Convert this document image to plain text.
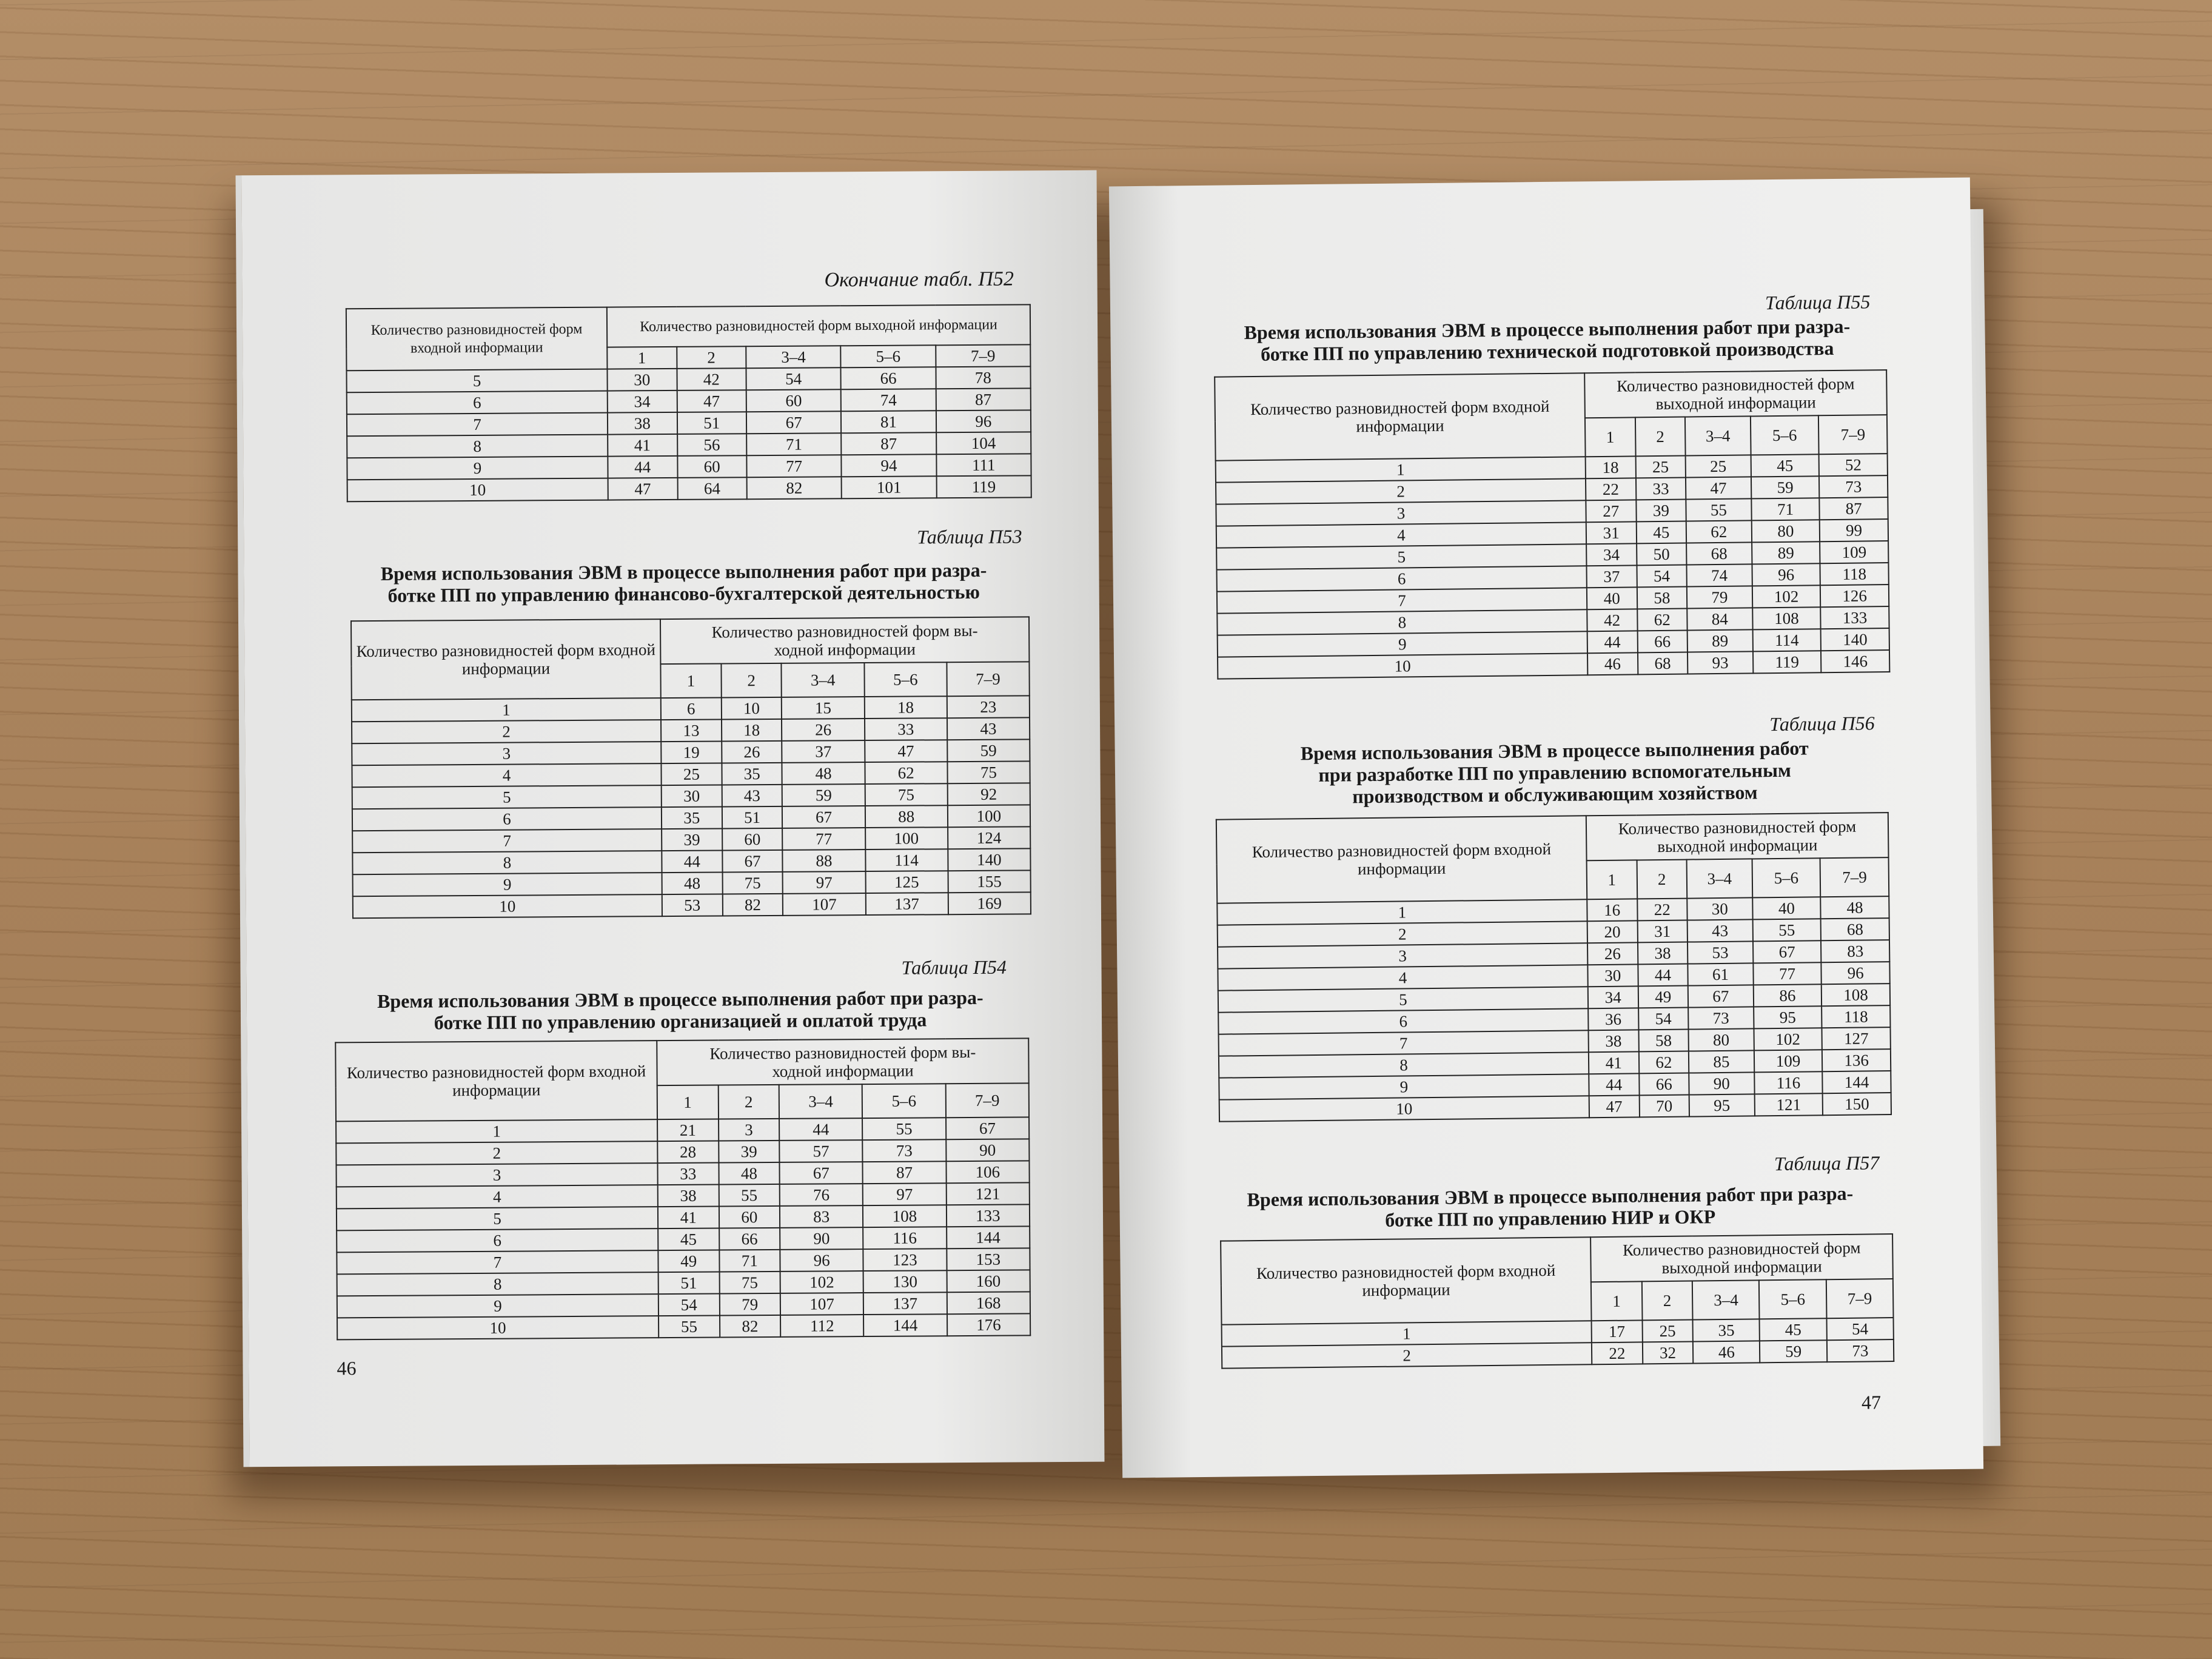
Окончание табл. П52
Количество разновидностей форм входной информации	Количество разновидностей форм выходной информации				
	1	2	3–4	5–6	7–9
5	30	42	54	66	78
6	34	47	60	74	87
7	38	51	67	81	96
8	41	56	71	87	104
9	44	60	77	94	111
10	47	64	82	101	119
Таблица П53
Время использования ЭВМ в процессе выполнения работ при разра-
ботке ПП по управлению финансово-бухгалтерской деятельностью
Количество разновидностей форм входной информации	Количество разновидностей форм вы-
ходной информации				

	1	2	3–4	5–6	7–9
1	6	10	15	18	23
2	13	18	26	33	43
3	19	26	37	47	59
4	25	35	48	62	75
5	30	43	59	75	92
6	35	51	67	88	100
7	39	60	77	100	124
8	44	67	88	114	140
9	48	75	97	125	155
10	53	82	107	137	169
Таблица П54
Время использования ЭВМ в процессе выполнения работ при разра-
ботке ПП по управлению организацией и оплатой труда
Количество разновидностей форм входной информации	Количество разновидностей форм вы-
ходной информации				

	1	2	3–4	5–6	7–9
1	21	3	44	55	67
2	28	39	57	73	90
3	33	48	67	87	106
4	38	55	76	97	121
5	41	60	83	108	133
6	45	66	90	116	144
7	49	71	96	123	153
8	51	75	102	130	160
9	54	79	107	137	168
10	55	82	112	144	176
46
Таблица П55
Время использования ЭВМ в процессе выполнения работ при разра-
ботке ПП по управлению технической подготовкой производства
Количество разновидностей форм входной информации	Количество разновидностей форм выходной информации				
	1	2	3–4	5–6	7–9
1	18	25	25	45	52
2	22	33	47	59	73
3	27	39	55	71	87
4	31	45	62	80	99
5	34	50	68	89	109
6	37	54	74	96	118
7	40	58	79	102	126
8	42	62	84	108	133
9	44	66	89	114	140
10	46	68	93	119	146
Таблица П56
Время использования ЭВМ в процессе выполнения работ
при разработке ПП по управлению вспомогательным
производством и обслуживающим хозяйством
Количество разновидностей форм входной информации	Количество разновидностей форм выходной информации				
	1	2	3–4	5–6	7–9
1	16	22	30	40	48
2	20	31	43	55	68
3	26	38	53	67	83
4	30	44	61	77	96
5	34	49	67	86	108
6	36	54	73	95	118
7	38	58	80	102	127
8	41	62	85	109	136
9	44	66	90	116	144
10	47	70	95	121	150
Таблица П57
Время использования ЭВМ в процессе выполнения работ при разра-
ботке ПП по управлению НИР и ОКР
Количество разновидностей форм входной информации	Количество разновидностей форм выходной информации				
	1	2	3–4	5–6	7–9
1	17	25	35	45	54
2	22	32	46	59	73
47
